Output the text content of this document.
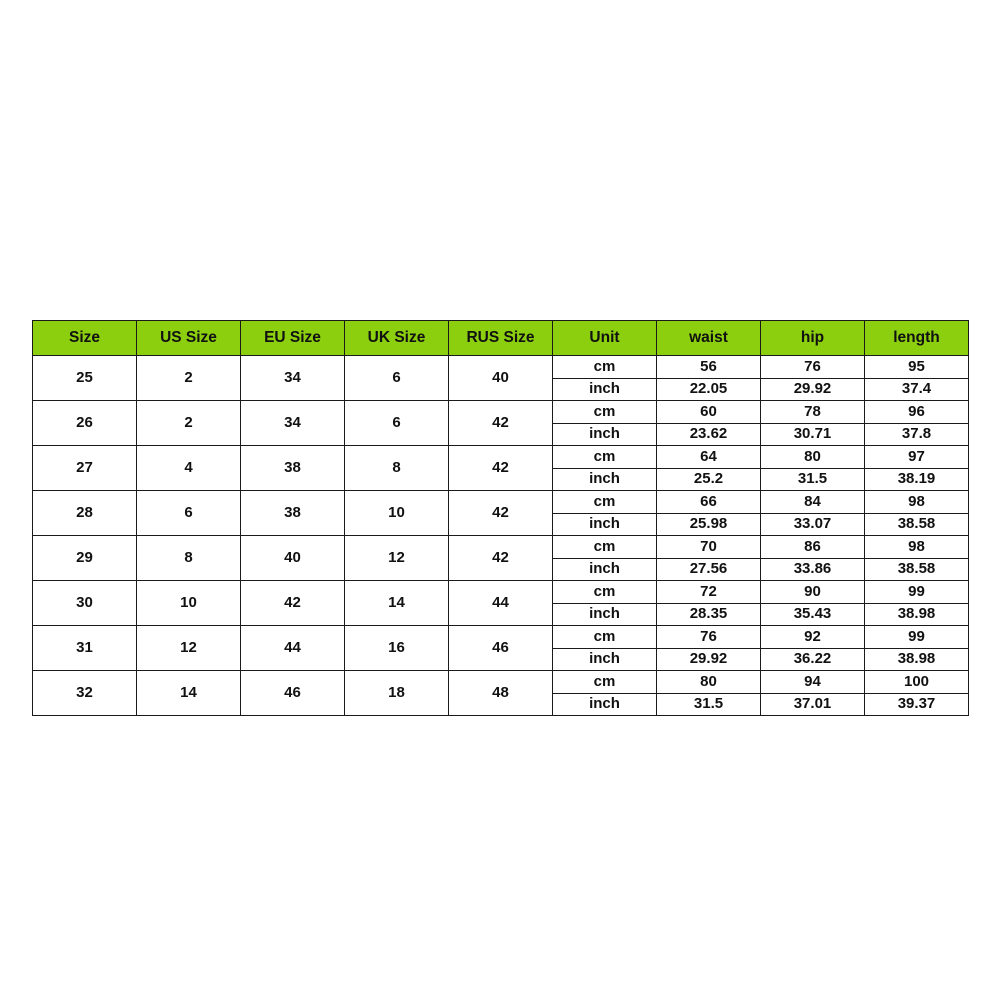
Size	US Size	EU Size	UK Size	RUS Size	Unit	waist	hip	length
25	2	34	6	40	cm	56	76	95
					inch	22.05	29.92	37.4
26	2	34	6	42	cm	60	78	96
					inch	23.62	30.71	37.8
27	4	38	8	42	cm	64	80	97
					inch	25.2	31.5	38.19
28	6	38	10	42	cm	66	84	98
					inch	25.98	33.07	38.58
29	8	40	12	42	cm	70	86	98
					inch	27.56	33.86	38.58
30	10	42	14	44	cm	72	90	99
					inch	28.35	35.43	38.98
31	12	44	16	46	cm	76	92	99
					inch	29.92	36.22	38.98
32	14	46	18	48	cm	80	94	100
					inch	31.5	37.01	39.37
